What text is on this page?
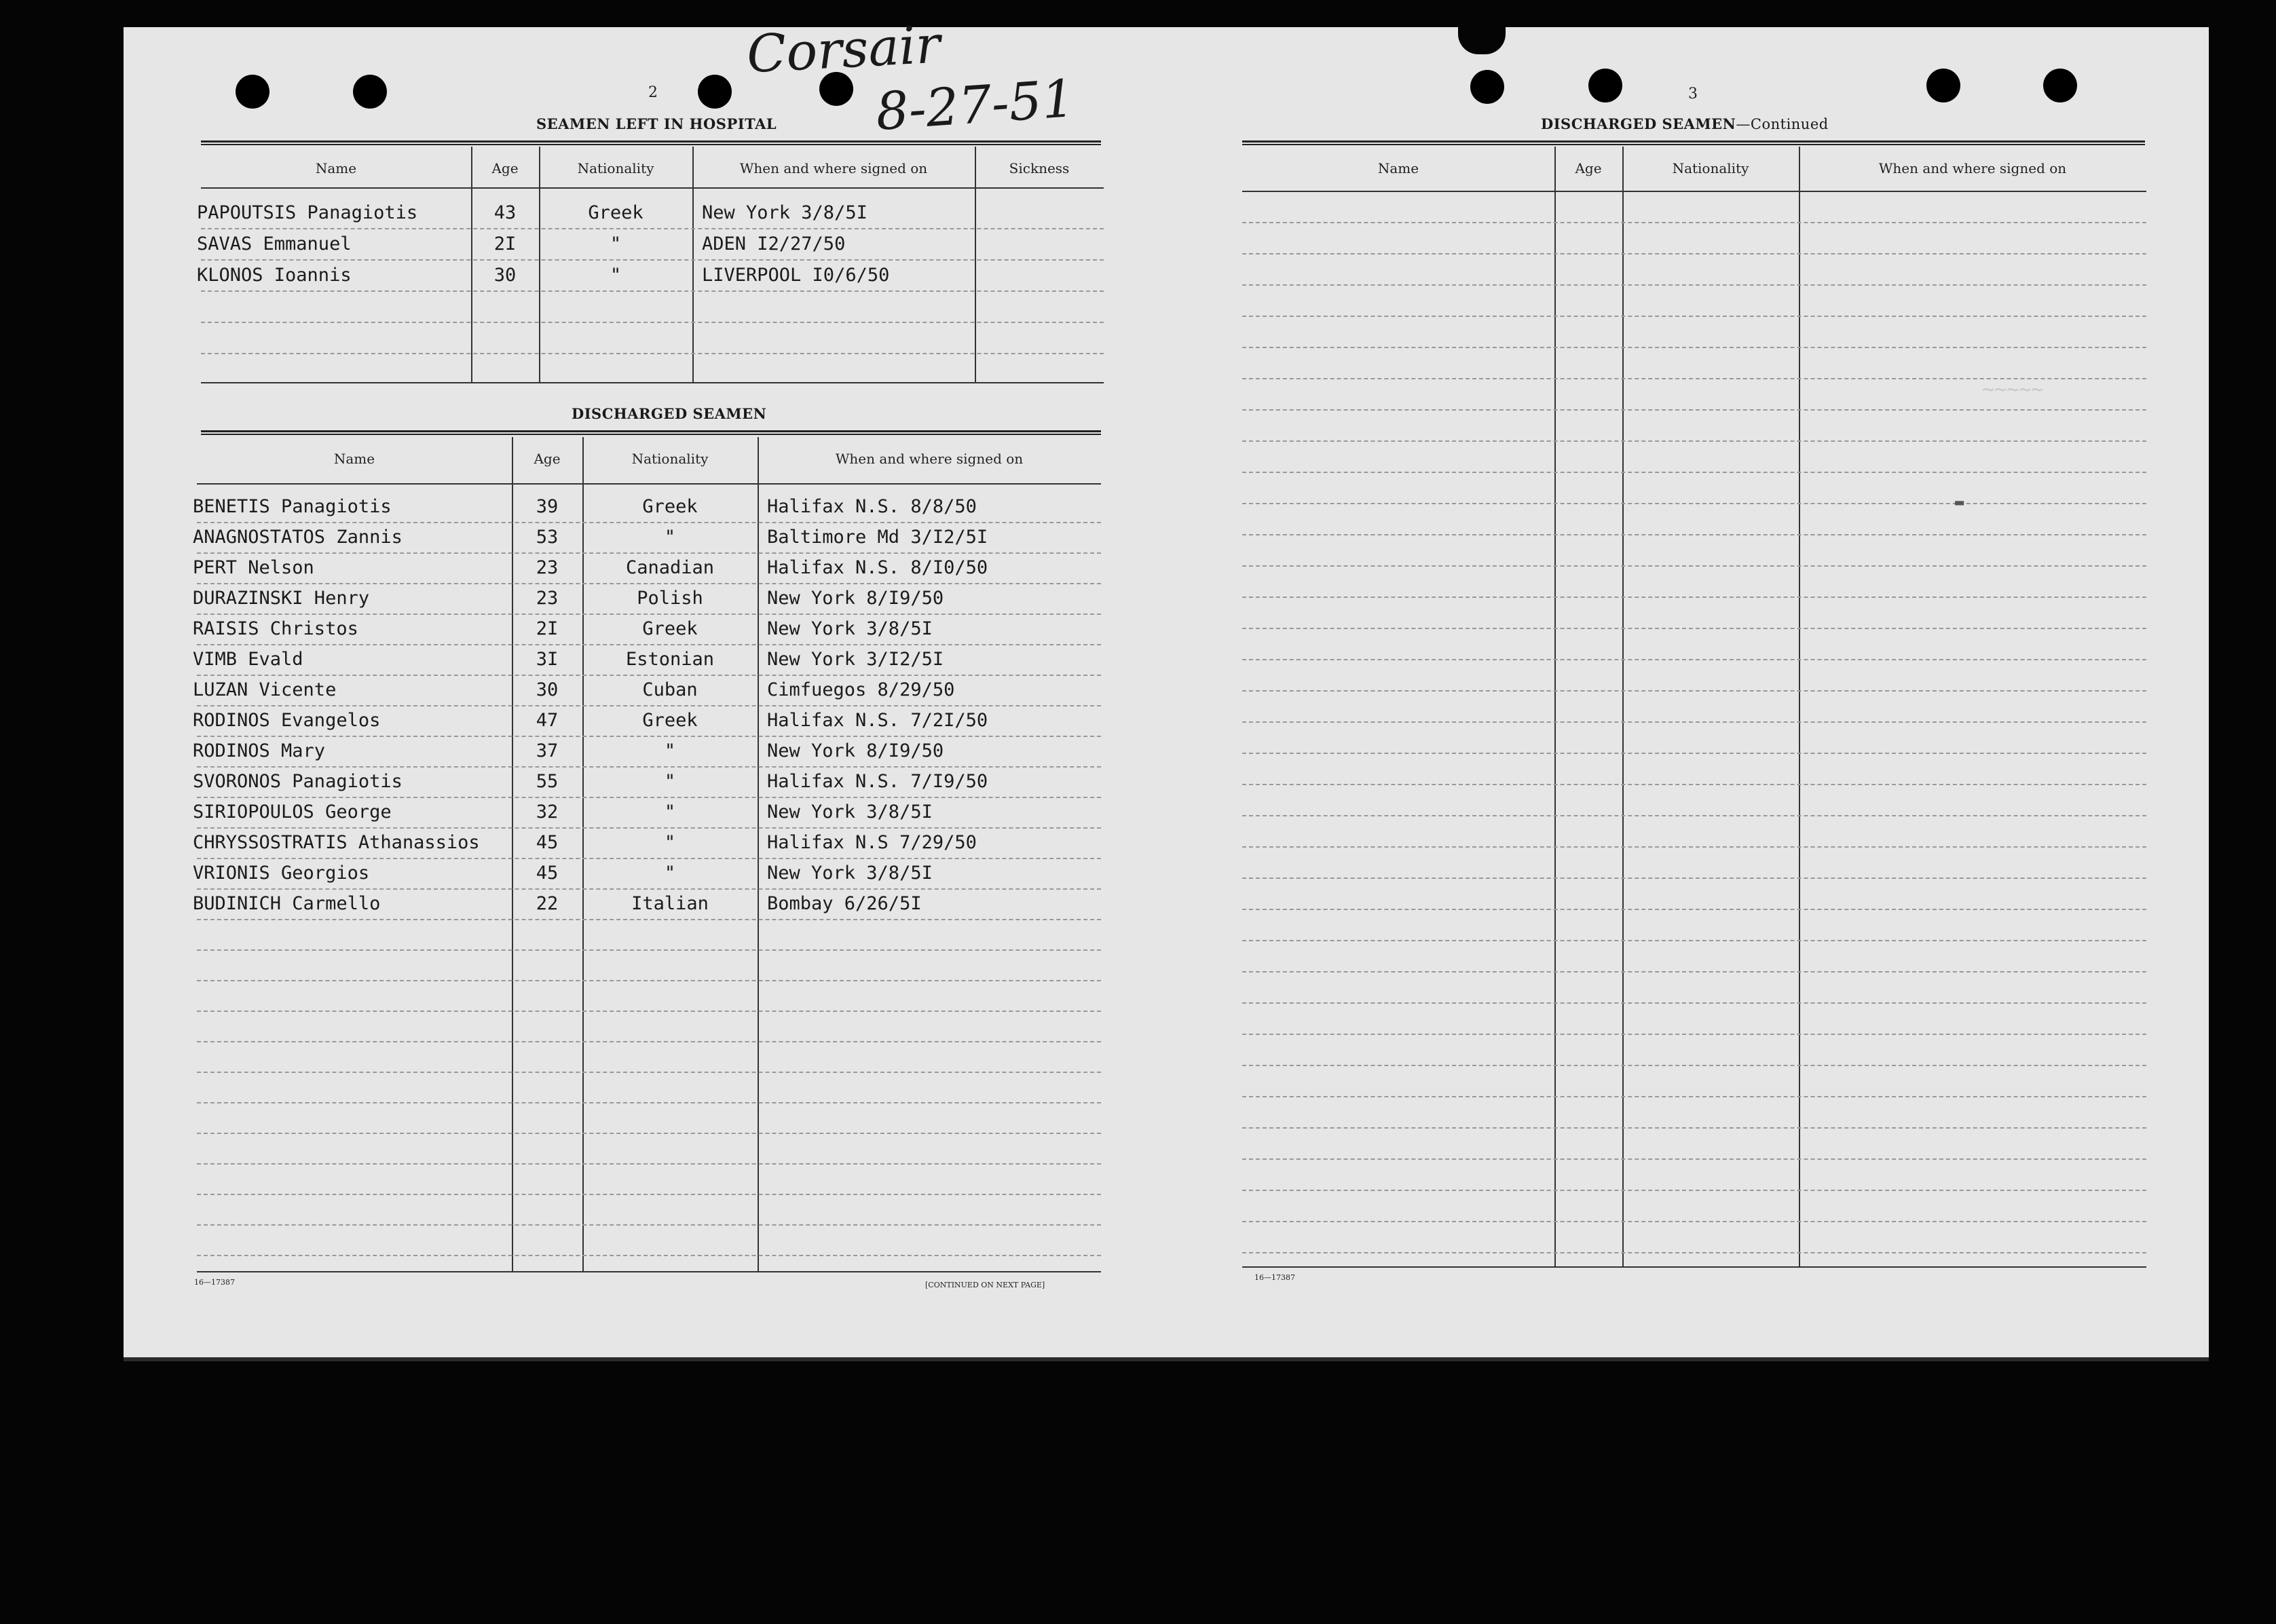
2
Corsair
8-27-51
SEAMEN LEFT IN HOSPITAL
Name	Age	Nationality	When and where signed on	Sickness
PAPOUTSIS Panagiotis	43	Greek	New York 3/8/5I
SAVAS Emmanuel	2I	"	ADEN I2/27/50
KLONOS Ioannis	30	"	LIVERPOOL I0/6/50
DISCHARGED SEAMEN
Name	Age	Nationality	When and where signed on
BENETIS Panagiotis	39	Greek	Halifax N.S. 8/8/50
ANAGNOSTATOS Zannis	53	"	Baltimore Md 3/I2/5I
PERT Nelson	23	Canadian	Halifax N.S. 8/I0/50
DURAZINSKI Henry	23	Polish	New York 8/I9/50
RAISIS Christos	2I	Greek	New York 3/8/5I
VIMB Evald	3I	Estonian	New York 3/I2/5I
LUZAN Vicente	30	Cuban	Cimfuegos 8/29/50
RODINOS Evangelos	47	Greek	Halifax N.S. 7/2I/50
RODINOS Mary	37	"	New York 8/I9/50
SVORONOS Panagiotis	55	"	Halifax N.S. 7/I9/50
SIRIOPOULOS George	32	"	New York 3/8/5I
CHRYSSOSTRATIS Athanassios	45	"	Halifax N.S 7/29/50
VRIONIS Georgios	45	"	New York 3/8/5I
BUDINICH Carmello	22	Italian	Bombay 6/26/5I
16—17387	[CONTINUED ON NEXT PAGE]
3
DISCHARGED SEAMEN—Continued
Name	Age	Nationality	When and where signed on
~~~~~
▬
16—17387
